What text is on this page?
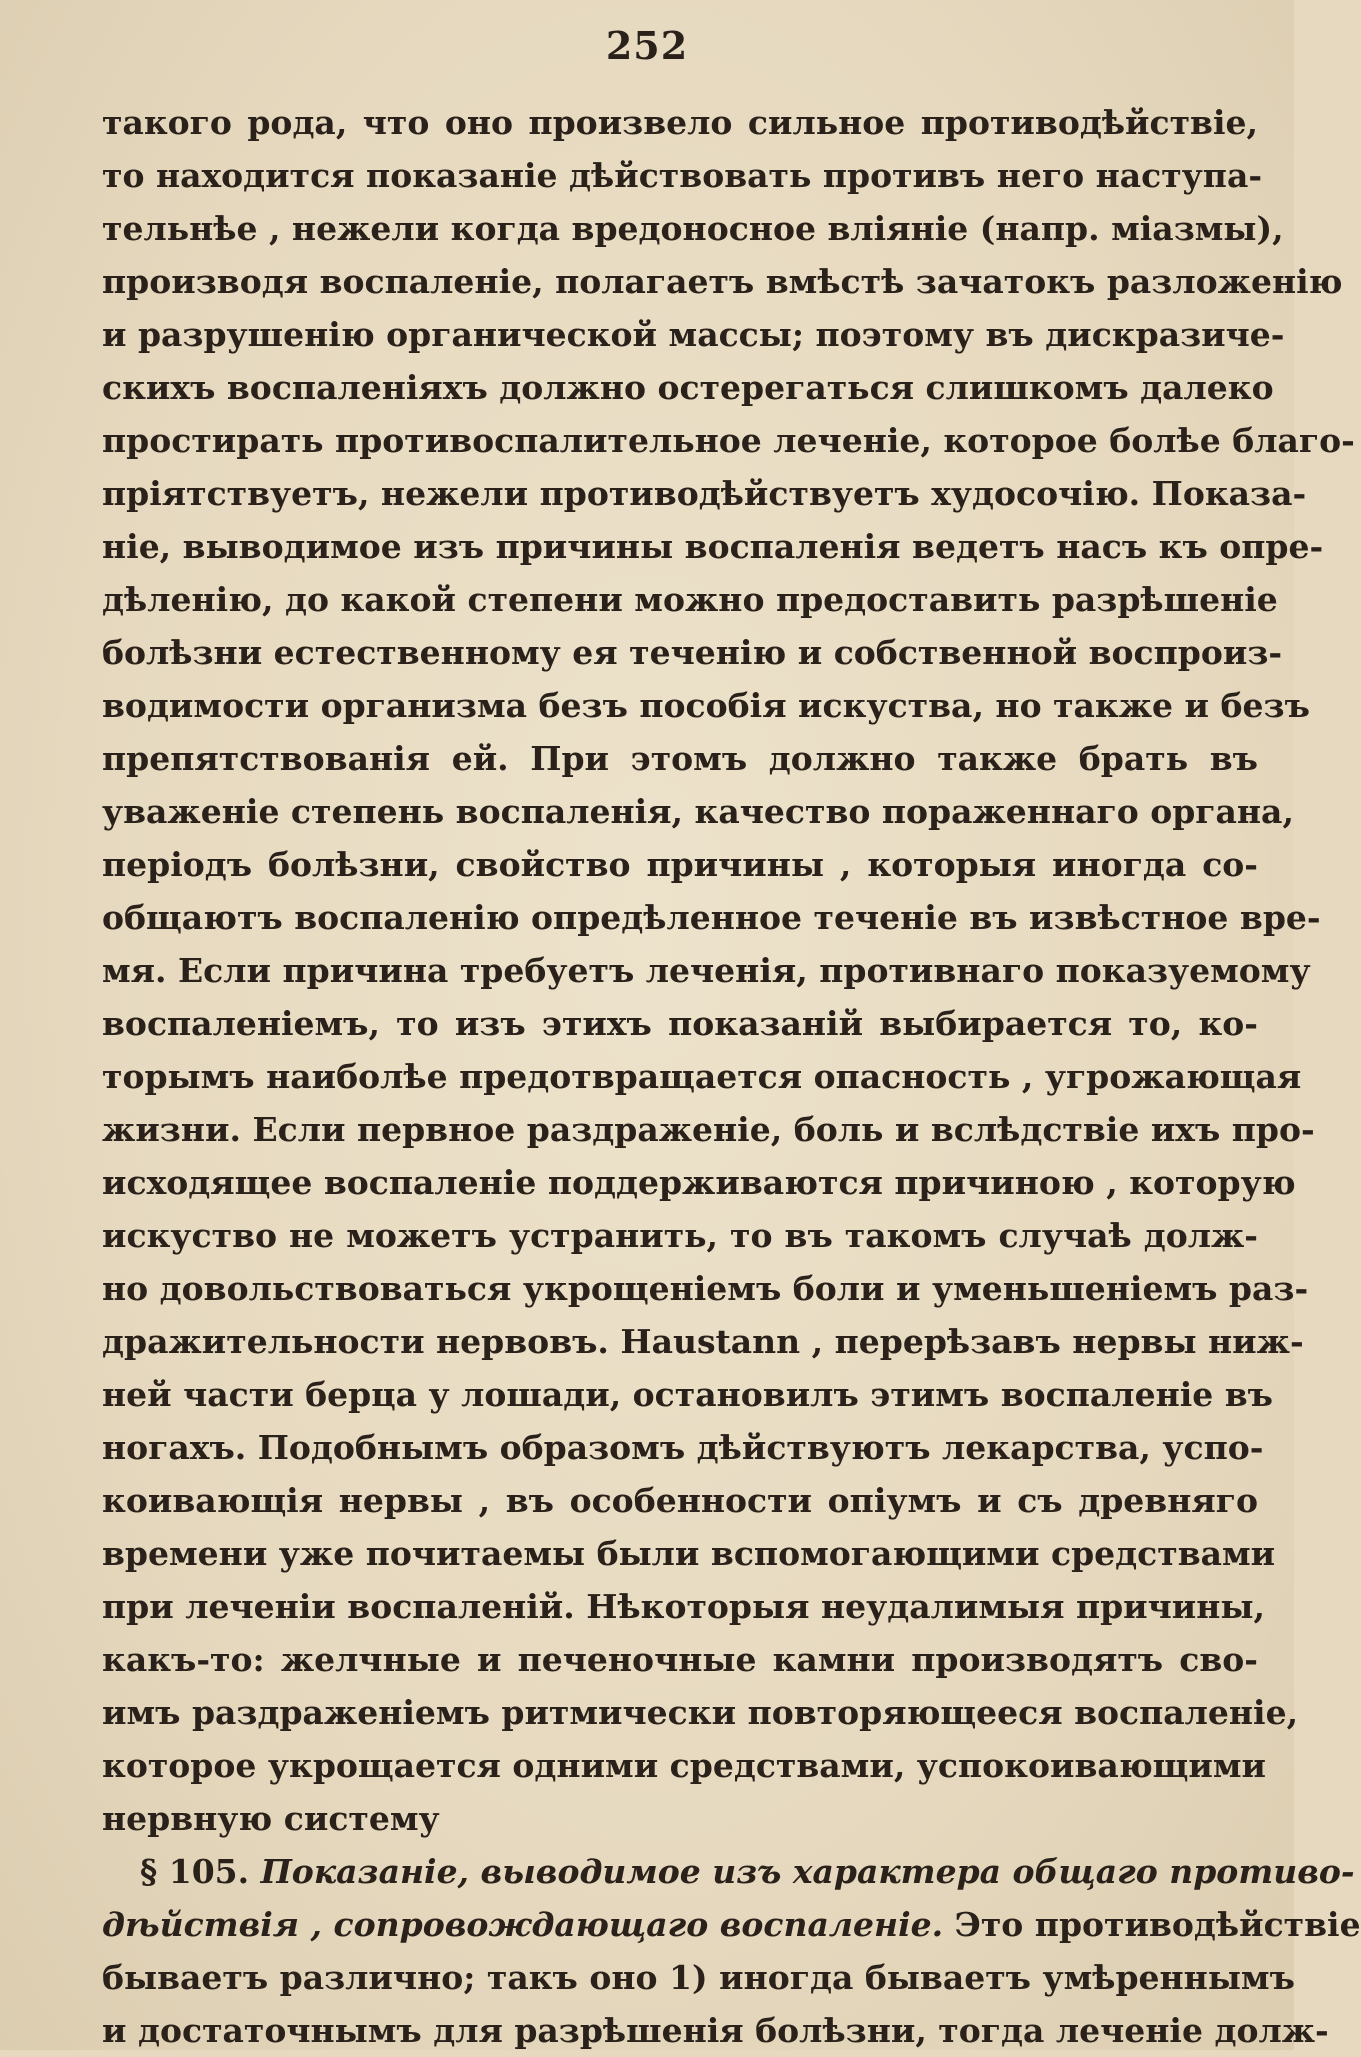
252
такого рода, что оно произвело сильное противодѣйствіе,
то находится показаніе дѣйствовать противъ него наступа-
тельнѣе , нежели когда вредоносное вліяніе (напр. міазмы),
производя воспаленіе, полагаетъ вмѣстѣ зачатокъ разложенію
и разрушенію органической массы; поэтому въ дискразиче-
скихъ воспаленіяхъ должно остерегаться слишкомъ далеко
простирать противоспалительное леченіе, которое болѣе благо-
пріятствуетъ, нежели противодѣйствуетъ худосочію. Показа-
ніе, выводимое изъ причины воспаленія ведетъ насъ къ опре-
дѣленію, до какой степени можно предоставить разрѣшеніе
болѣзни естественному ея теченію и собственной воспроиз-
водимости организма безъ пособія искуства, но также и безъ
препятствованія ей. При этомъ должно также брать въ
уваженіе степень воспаленія, качество пораженнаго органа,
періодъ болѣзни, свойство причины , которыя иногда со-
общаютъ воспаленію опредѣленное теченіе въ извѣстное вре-
мя. Если причина требуетъ леченія, противнаго показуемому
воспаленіемъ, то изъ этихъ показаній выбирается то, ко-
торымъ наиболѣе предотвращается опасность , угрожающая
жизни. Если первное раздраженіе, боль и вслѣдствіе ихъ про-
исходящее воспаленіе поддерживаются причиною , которую
искуство не можетъ устранить, то въ такомъ случаѣ долж-
но довольствоваться укрощеніемъ боли и уменьшеніемъ раз-
дражительности нервовъ. Haustann , перерѣзавъ нервы ниж-
ней части берца у лошади, остановилъ этимъ воспаленіе въ
ногахъ. Подобнымъ образомъ дѣйствуютъ лекарства, успо-
коивающія нервы , въ особенности опіумъ и съ древняго
времени уже почитаемы были вспомогающими средствами
при леченіи воспаленій. Нѣкоторыя неудалимыя причины,
какъ-то: желчные и печеночные камни производятъ сво-
имъ раздраженіемъ ритмически повторяющееся воспаленіе,
которое укрощается одними средствами, успокоивающими
нервную систему
§ 105. Показаніе, выводимое изъ характера общаго противо-
дѣйствія , сопровождающаго воспаленіе. Это противодѣйствіе
бываетъ различно; такъ оно 1) иногда бываетъ умѣреннымъ
и достаточнымъ для разрѣшенія болѣзни, тогда леченіе долж-
